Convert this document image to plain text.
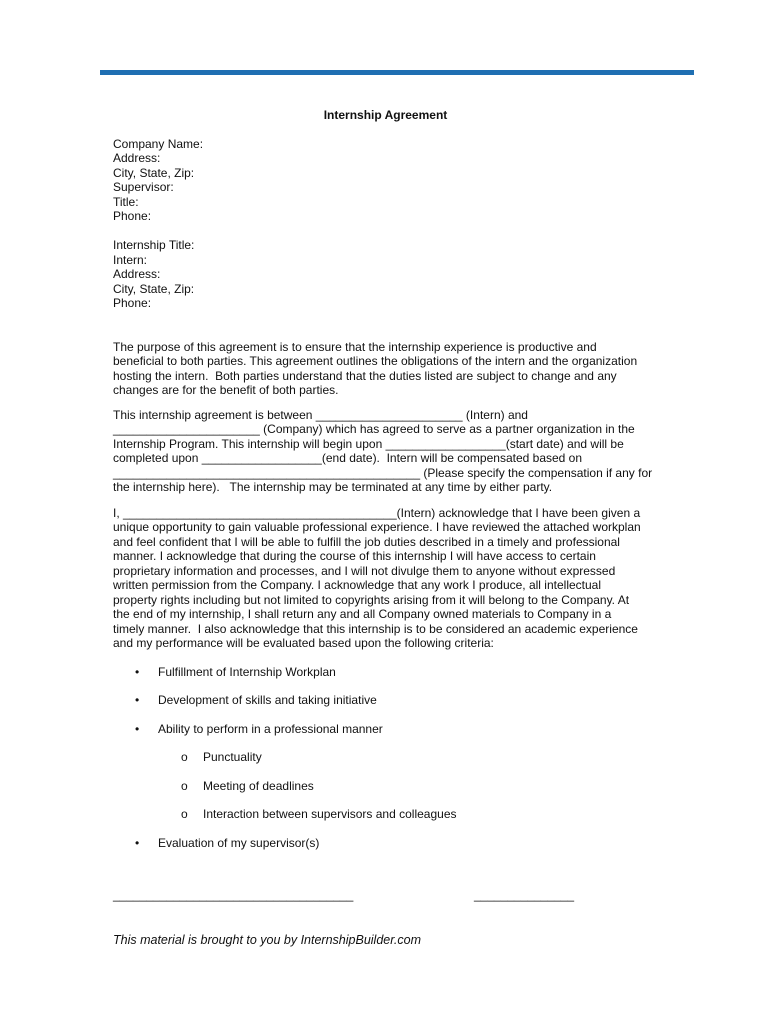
Internship Agreement
Company Name:
Address:
City, State, Zip:
Supervisor:
Title:
Phone:
Internship Title:
Intern:
Address:
City, State, Zip:
Phone:
The purpose of this agreement is to ensure that the internship experience is productive and
beneficial to both parties. This agreement outlines the obligations of the intern and the organization
hosting the intern.  Both parties understand that the duties listed are subject to change and any
changes are for the benefit of both parties.
This internship agreement is between ______________________ (Intern) and
______________________ (Company) which has agreed to serve as a partner organization in the
Internship Program. This internship will begin upon __________________(start date) and will be
completed upon __________________(end date).  Intern will be compensated based on
______________________________________________ (Please specify the compensation if any for
the internship here).   The internship may be terminated at any time by either party.
I, _________________________________________(Intern) acknowledge that I have been given a
unique opportunity to gain valuable professional experience. I have reviewed the attached workplan
and feel confident that I will be able to fulfill the job duties described in a timely and professional
manner. I acknowledge that during the course of this internship I will have access to certain
proprietary information and processes, and I will not divulge them to anyone without expressed
written permission from the Company. I acknowledge that any work I produce, all intellectual
property rights including but not limited to copyrights arising from it will belong to the Company. At
the end of my internship, I shall return any and all Company owned materials to Company in a
timely manner.  I also acknowledge that this internship is to be considered an academic experience
and my performance will be evaluated based upon the following criteria:
• Fulfillment of Internship Workplan
• Development of skills and taking initiative
• Ability to perform in a professional manner
o Punctuality
o Meeting of deadlines
o Interaction between supervisors and colleagues
• Evaluation of my supervisor(s)
____________________________________	_______________
This material is brought to you by InternshipBuilder.com
